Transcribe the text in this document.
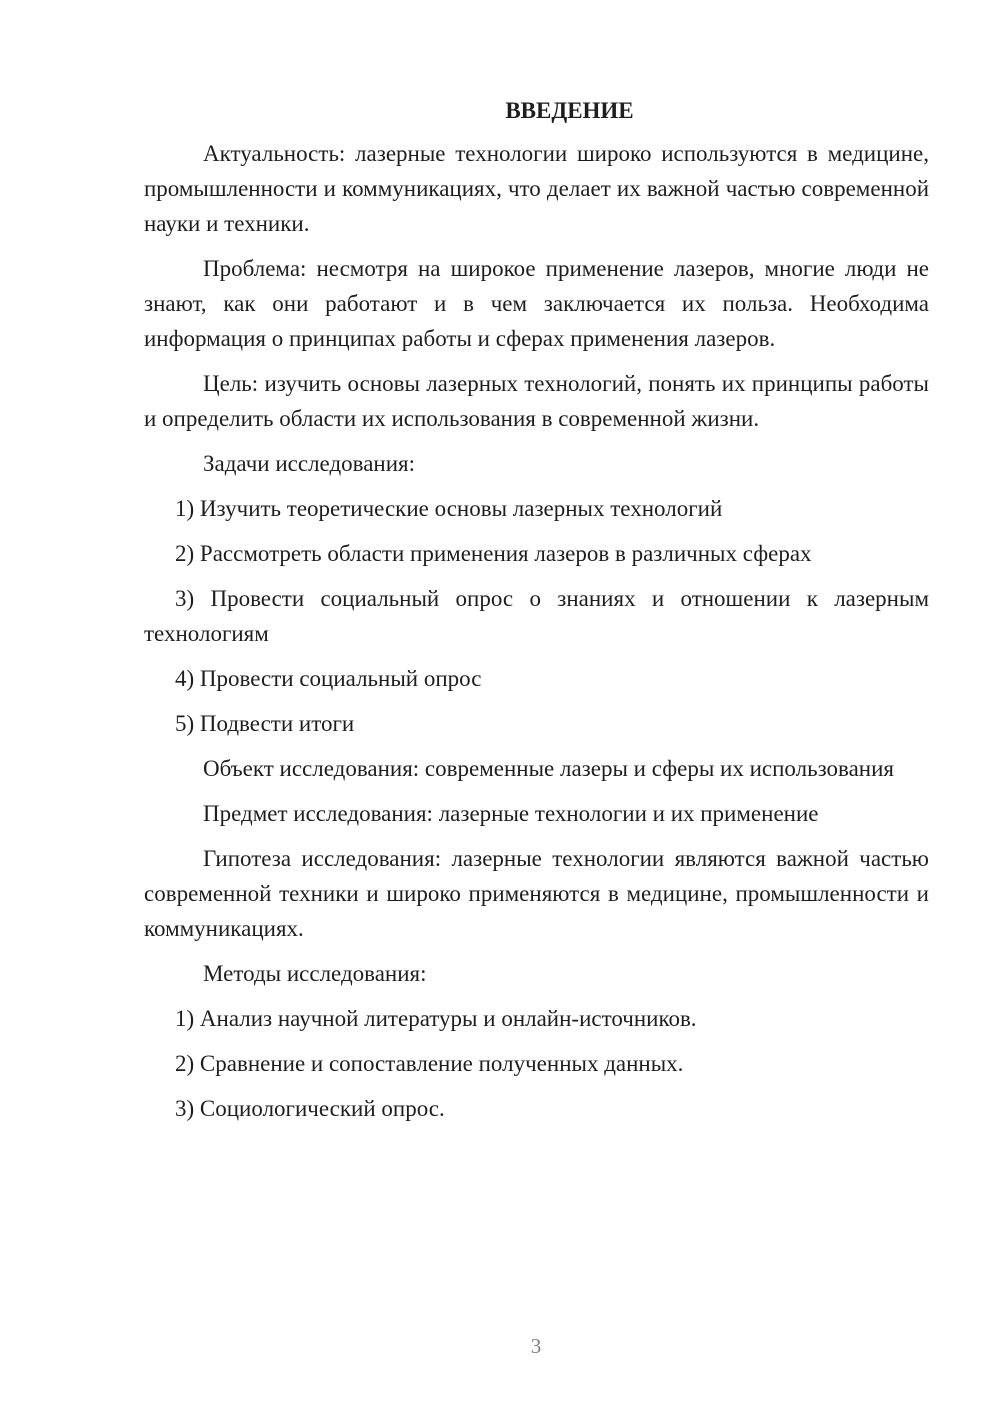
ВВЕДЕНИЕ
Актуальность: лазерные технологии широко используются в медицине, промышленности и коммуникациях, что делает их важной частью современной науки и техники.
Проблема: несмотря на широкое применение лазеров, многие люди не знают, как они работают и в чем заключается их польза. Необходима информация о принципах работы и сферах применения лазеров.
Цель: изучить основы лазерных технологий, понять их принципы работы и определить области их использования в современной жизни.
Задачи исследования:
1) Изучить теоретические основы лазерных технологий
2) Рассмотреть области применения лазеров в различных сферах
3) Провести социальный опрос о знаниях и отношении к лазерным технологиям
4) Провести социальный опрос
5) Подвести итоги
Объект исследования: современные лазеры и сферы их использования
Предмет исследования: лазерные технологии и их применение
Гипотеза исследования: лазерные технологии являются важной частью современной техники и широко применяются в медицине, промышленности и коммуникациях.
Методы исследования:
1) Анализ научной литературы и онлайн-источников.
2) Сравнение и сопоставление полученных данных.
3) Социологический опрос.
3
